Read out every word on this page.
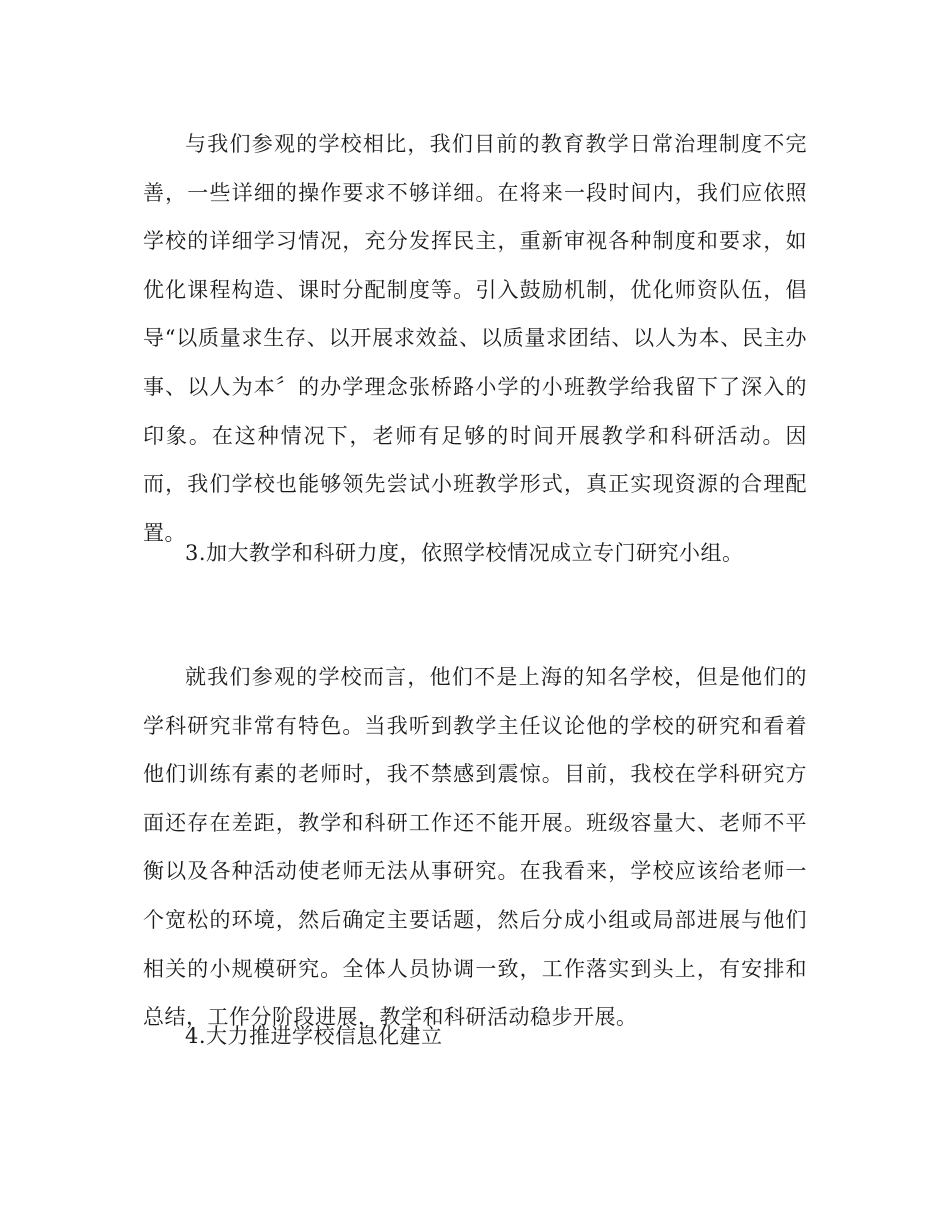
与我们参观的学校相比，我们目前的教育教学日常治理制度不完善，一些详细的操作要求不够详细。在将来一段时间内，我们应依照学校的详细学习情况，充分发挥民主，重新审视各种制度和要求，如优化课程构造、课时分配制度等。引入鼓励机制，优化师资队伍，倡导“以质量求生存、以开展求效益、以质量求团结、以人为本、民主办事、以人为本〞的办学理念张桥路小学的小班教学给我留下了深入的印象。在这种情况下，老师有足够的时间开展教学和科研活动。因而，我们学校也能够领先尝试小班教学形式，真正实现资源的合理配置。

3.加大教学和科研力度，依照学校情况成立专门研究小组。

就我们参观的学校而言，他们不是上海的知名学校，但是他们的学科研究非常有特色。当我听到教学主任议论他的学校的研究和看着他们训练有素的老师时，我不禁感到震惊。目前，我校在学科研究方面还存在差距，教学和科研工作还不能开展。班级容量大、老师不平衡以及各种活动使老师无法从事研究。在我看来，学校应该给老师一个宽松的环境，然后确定主要话题，然后分成小组或局部进展与他们相关的小规模研究。全体人员协调一致，工作落实到头上，有安排和总结，工作分阶段进展，教学和科研活动稳步开展。

4.大力推进学校信息化建立
